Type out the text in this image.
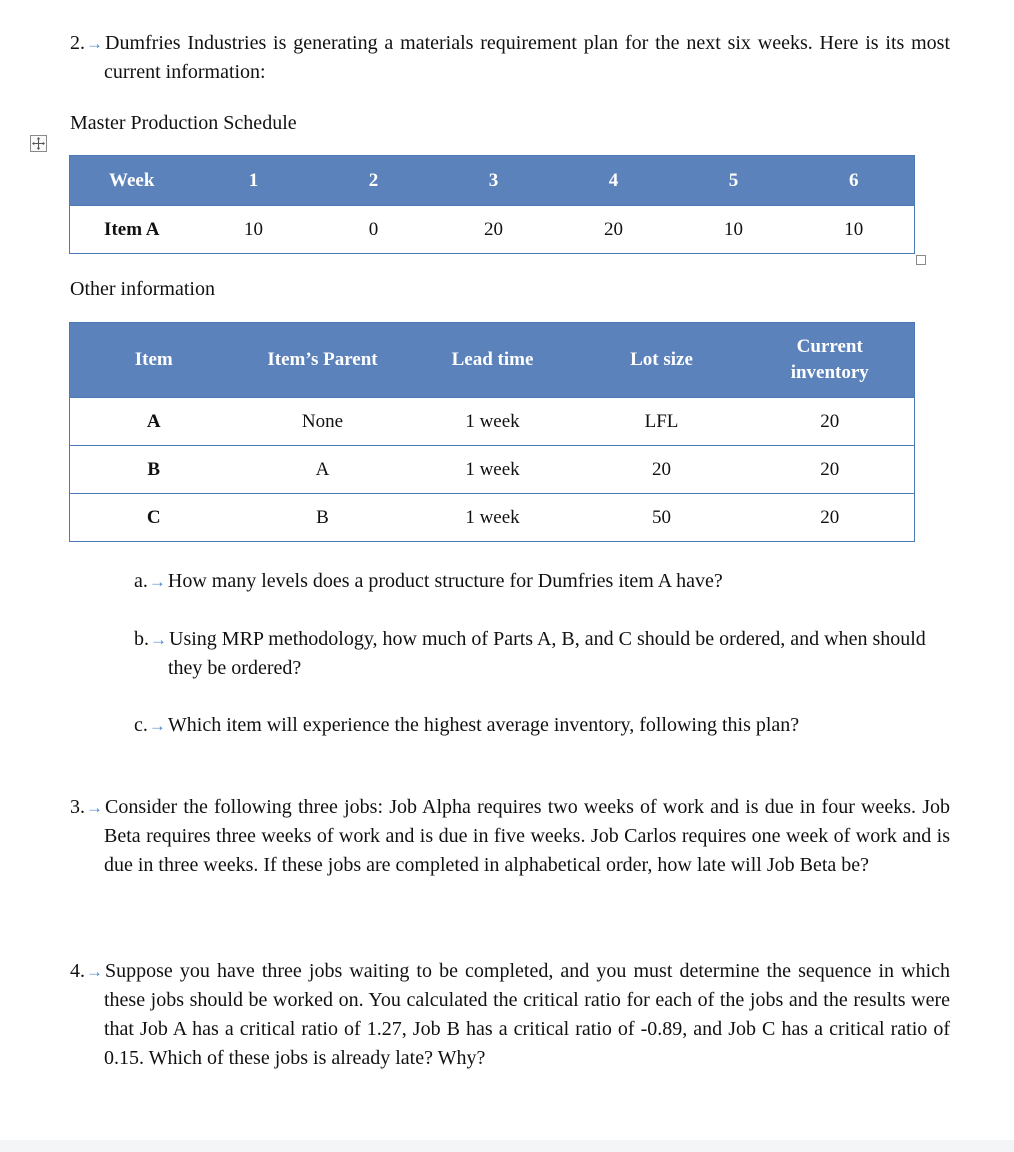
2.→ Dumfries Industries is generating a materials requirement plan for the next six weeks. Here is its most current information:
Master Production Schedule
Week	1	2	3	4	5	6
Item A	10	0	20	20	10	10
Other information
Item	Item’s Parent	Lead time	Lot size	Current inventory
A	None	1 week	LFL	20
B	A	1 week	20	20
C	B	1 week	50	20
a.→ How many levels does a product structure for Dumfries item A have?
b.→ Using MRP methodology, how much of Parts A, B, and C should be ordered, and when should they be ordered?
c.→ Which item will experience the highest average inventory, following this plan?
3.→ Consider the following three jobs: Job Alpha requires two weeks of work and is due in four weeks. Job Beta requires three weeks of work and is due in five weeks. Job Carlos requires one week of work and is due in three weeks. If these jobs are completed in alphabetical order, how late will Job Beta be?
4.→ Suppose you have three jobs waiting to be completed, and you must determine the sequence in which these jobs should be worked on. You calculated the critical ratio for each of the jobs and the results were that Job A has a critical ratio of 1.27, Job B has a critical ratio of -0.89, and Job C has a critical ratio of 0.15. Which of these jobs is already late? Why?
